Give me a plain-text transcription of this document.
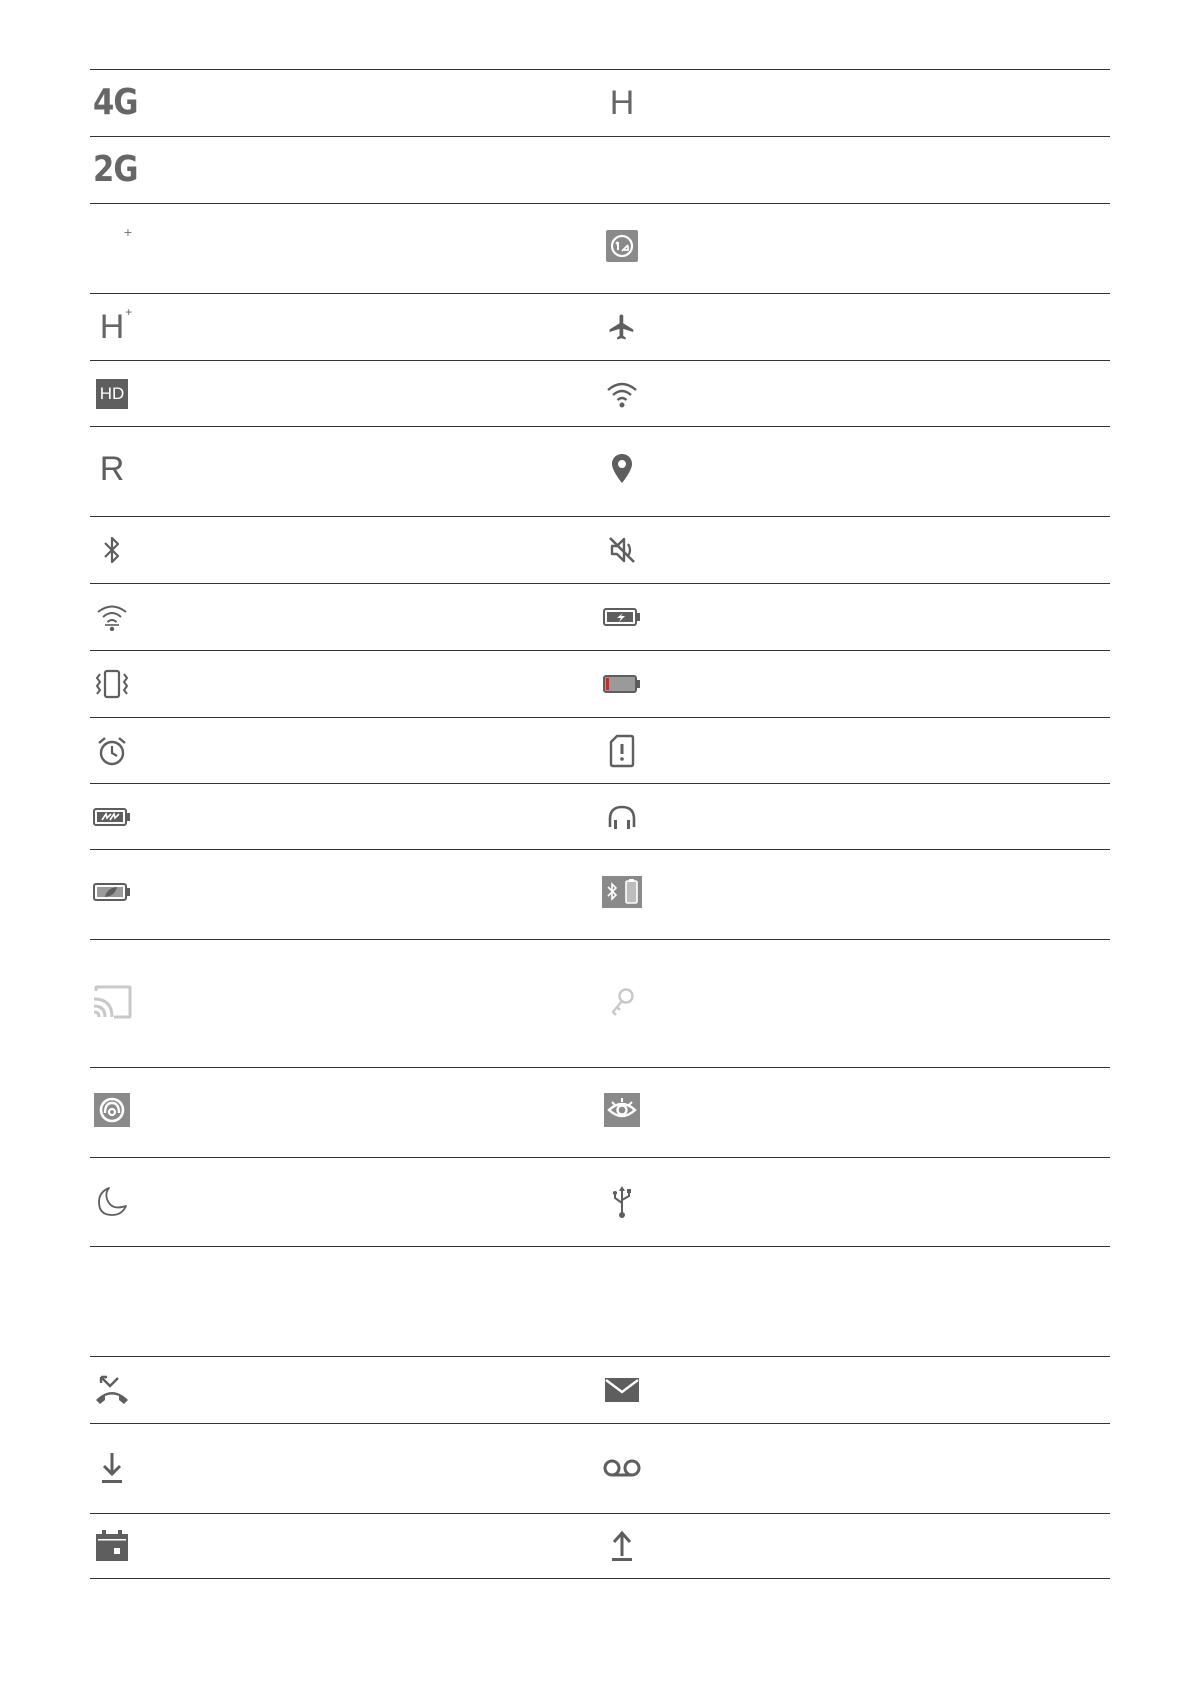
4G	H
2G
+
H +
HD
R
